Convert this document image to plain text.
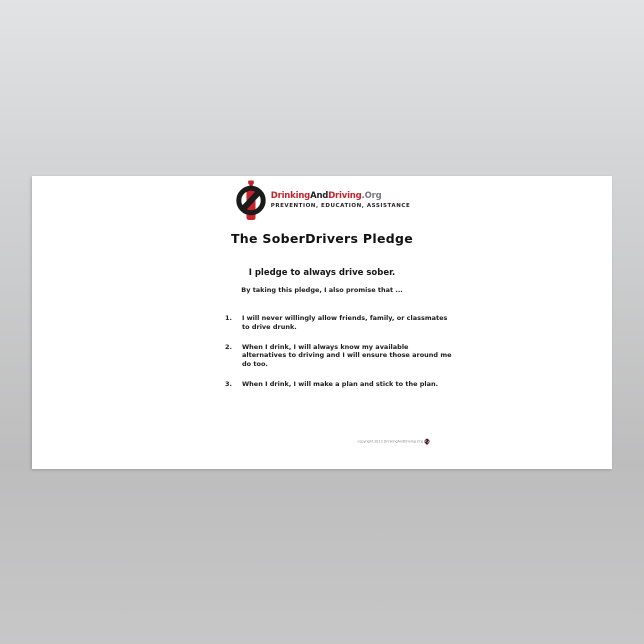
DrinkingAndDriving.Org
PREVENTION, EDUCATION, ASSISTANCE
The SoberDrivers Pledge
I pledge to always drive sober.
By taking this pledge, I also promise that ...
1.	I will never willingly allow friends, family, or classmates to drive drunk.
2.	When I drink, I will always know my available alternatives to driving and I will ensure those around me do too.
3.	When I drink, I will make a plan and stick to the plan.
copyright 2013 DrinkingAndDriving.Org
